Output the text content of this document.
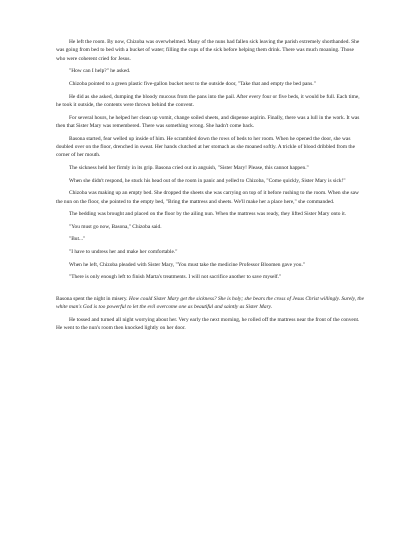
He left the room. By now, Chizoba was overwhelmed. Many of the nuns had fallen sick leaving the parish extremely shorthanded. She was going from bed to bed with a bucket of water; filling the cups of the sick before helping them drink. There was much moaning. Those who were coherent cried for Jesus.

"How can I help?" he asked.

Chizoba pointed to a green plastic five-gallon bucket next to the outside door, "Take that and empty the bed pans."

He did as she asked, dumping the bloody mucous from the pans into the pail. After every four or five beds, it would be full. Each time, he took it outside, the contents were thrown behind the convent.

For several hours, he helped her clean up vomit, change soiled sheets, and dispense aspirin. Finally, there was a lull in the work. It was then that Sister Mary was remembered. There was something wrong. She hadn't come back.

Basona started, fear welled up inside of him. He scrambled down the rows of beds to her room. When he opened the door, she was doubled over on the floor, drenched in sweat. Her hands clutched at her stomach as she moaned softly. A trickle of blood dribbled from the corner of her mouth.

The sickness held her firmly in its grip. Basona cried out in anguish, "Sister Mary! Please, this cannot happen."

When she didn't respond, he stuck his head out of the room in panic and yelled to Chizoba, "Come quickly, Sister Mary is sick!"

Chizoba was making up an empty bed. She dropped the sheets she was carrying on top of it before rushing to the room. When she saw the nun on the floor, she pointed to the empty bed, "Bring the mattress and sheets. We'll make her a place here," she commanded.

The bedding was brought and placed on the floor by the ailing nun. When the mattress was ready, they lifted Sister Mary onto it.

"You must go now, Basona," Chizoba said.

"But..."

"I have to undress her and make her comfortable."

When he left, Chizoba pleaded with Sister Mary, "You must take the medicine Professor Bloomen gave you."

"There is only enough left to finish Marta's treatments. I will not sacrifice another to save myself."

Basona spent the night in misery. How could Sister Mary get the sickness? She is holy; she bears the cross of Jesus Christ willingly. Surely, the white man's God is too powerful to let the evil overcome one as beautiful and saintly as Sister Mary.

He tossed and turned all night worrying about her. Very early the next morning, he rolled off the mattress near the front of the convent. He went to the nun's room then knocked lightly on her door.
